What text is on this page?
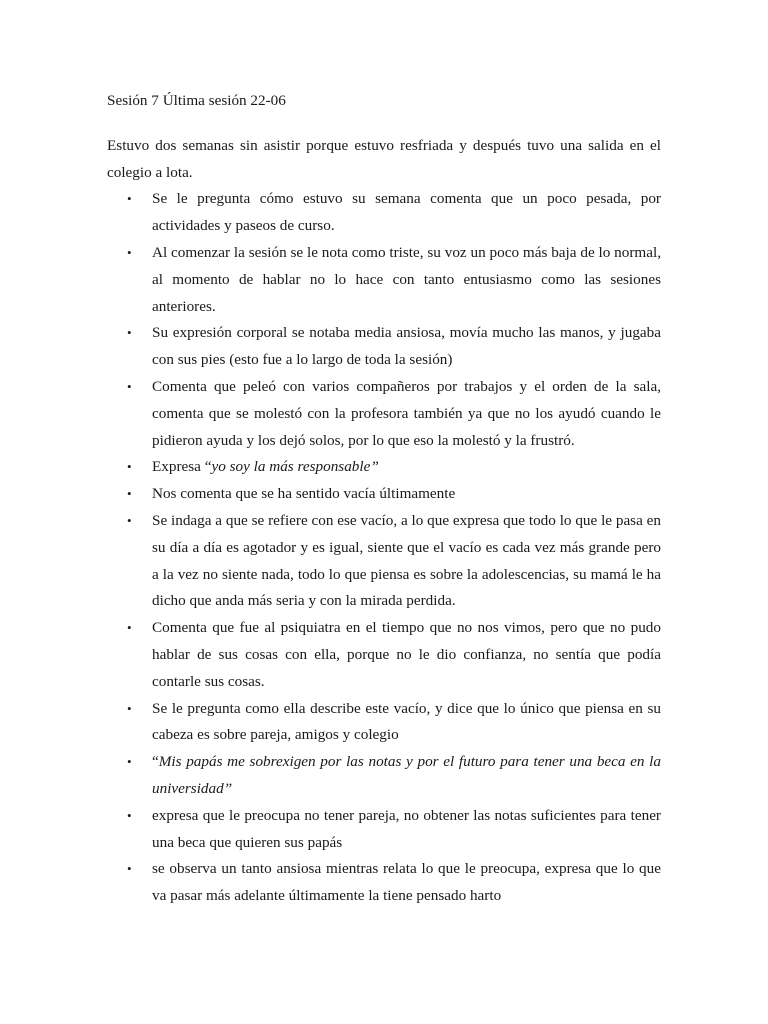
Sesión 7 Última sesión 22-06

Estuvo dos semanas sin asistir porque estuvo resfriada y después tuvo una salida en el colegio a lota.

• Se le pregunta cómo estuvo su semana comenta que un poco pesada, por actividades y paseos de curso.
• Al comenzar la sesión se le nota como triste, su voz un poco más baja de lo normal, al momento de hablar no lo hace con tanto entusiasmo como las sesiones anteriores.
• Su expresión corporal se notaba media ansiosa, movía mucho las manos, y jugaba con sus pies (esto fue a lo largo de toda la sesión)
• Comenta que peleó con varios compañeros por trabajos y el orden de la sala, comenta que se molestó con la profesora también ya que no los ayudó cuando le pidieron ayuda y los dejó solos, por lo que eso la molestó y la frustró.
• Expresa “yo soy la más responsable”
• Nos comenta que se ha sentido vacía últimamente
• Se indaga a que se refiere con ese vacío, a lo que expresa que todo lo que le pasa en su día a día es agotador y es igual, siente que el vacío es cada vez más grande pero a la vez no siente nada, todo lo que piensa es sobre la adolescencias, su mamá le ha dicho que anda más seria y con la mirada perdida.
• Comenta que fue al psiquiatra en el tiempo que no nos vimos, pero que no pudo hablar de sus cosas con ella, porque no le dio confianza, no sentía que podía contarle sus cosas.
• Se le pregunta como ella describe este vacío, y dice que lo único que piensa en su cabeza es sobre pareja, amigos y colegio
• “Mis papás me sobrexigen por las notas y por el futuro para tener una beca en la universidad”
• expresa que le preocupa no tener pareja, no obtener las notas suficientes para tener una beca que quieren sus papás
• se observa un tanto ansiosa mientras relata lo que le preocupa, expresa que lo que va pasar más adelante últimamente la tiene pensado harto
